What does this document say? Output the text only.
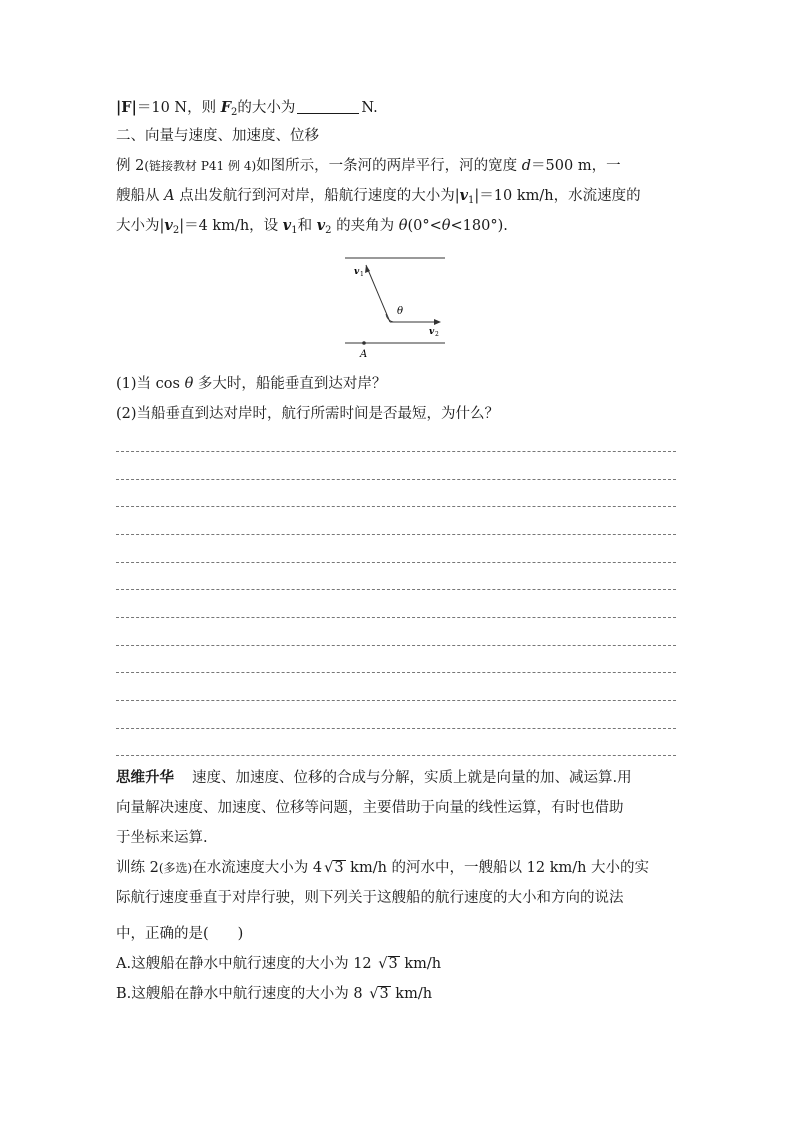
|F|＝10 N，则 $F_2$的大小为	N.
二、向量与速度、加速度、位移
例 2(链接教材 P41 例 4)如图所示，一条河的两岸平行，河的宽度 d＝500 m，一
艘船从 A 点出发航行到河对岸，船航行速度的大小为$|v_1|=10$ km/h，水流速度的
大小为$|v_2|=4$ km/h，设 $v_1$和 $v_2$ 的夹角为 θ(0°<θ<180°).
v 1
θ
v 2
A
(1)当 cos θ 多大时，船能垂直到达对岸？
(2)当船垂直到达对岸时，航行所需时间是否最短，为什么？
思维升华 速度、加速度、位移的合成与分解，实质上就是向量的加、减运算.用
向量解决速度、加速度、位移等问题，主要借助于向量的线性运算，有时也借助
于坐标来运算.
训练 2(多选)在水流速度大小为 4 √3 km/h 的河水中，一艘船以 12 km/h 大小的实
际航行速度垂直于对岸行驶，则下列关于这艘船的航行速度的大小和方向的说法
中，正确的是(　　)
A.这艘船在静水中航行速度的大小为 12 √3 km/h
B.这艘船在静水中航行速度的大小为 8 √3 km/h
